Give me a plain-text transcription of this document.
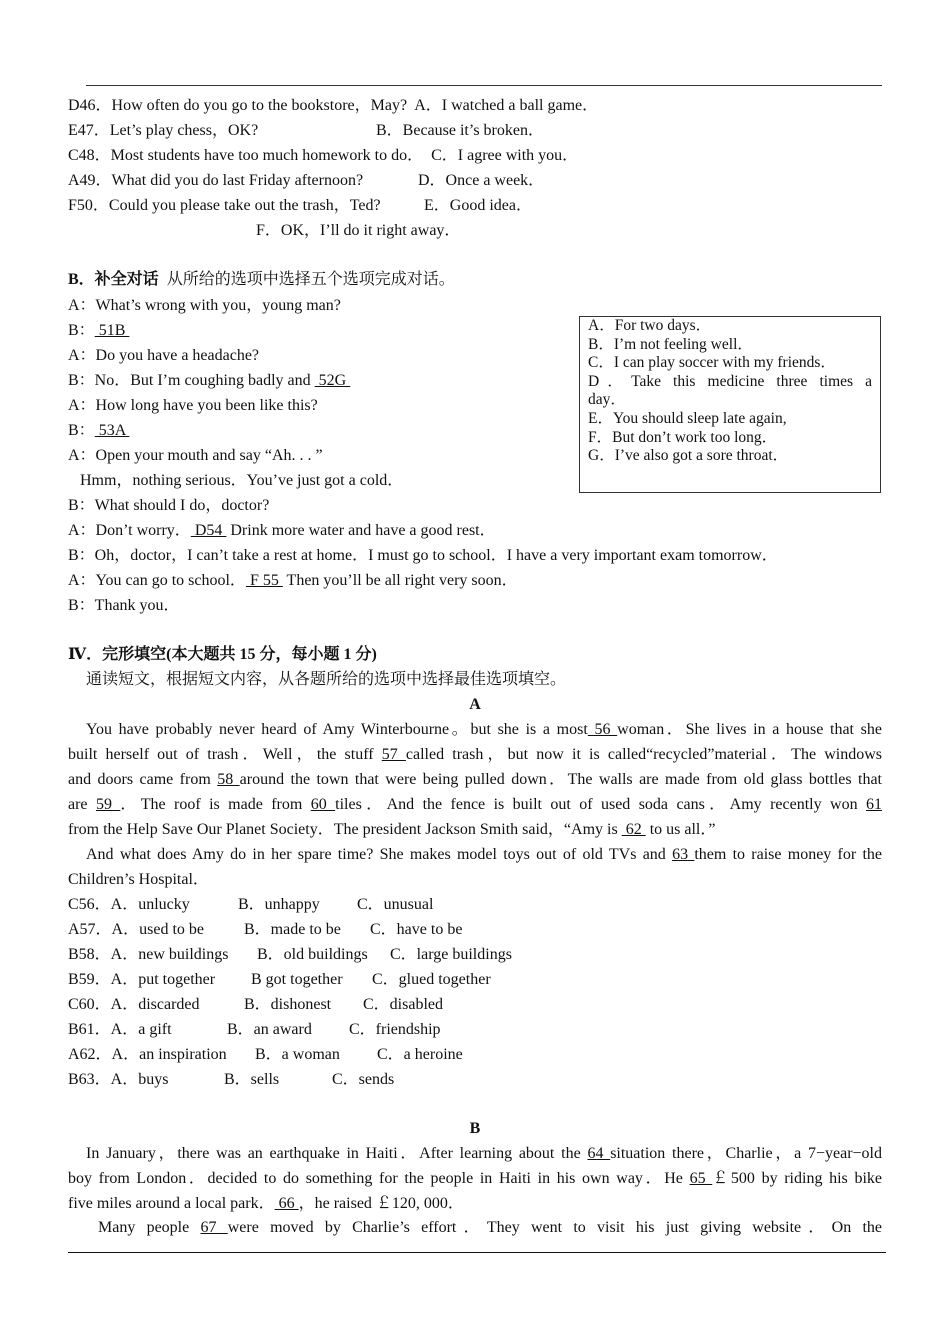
D46．How often do you go to the bookstore，May? A．I watched a ball game．
E47．Let’s play chess，OK?	B．Because it’s broken．
C48．Most students have too much homework to do． C．I agree with you．
A49．What did you do last Friday afternoon?	D．Once a week．
F50．Could you please take out the trash，Ted?	E．Good idea．
F．OK，I’ll do it right away．
B．补全对话 从所给的选项中选择五个选项完成对话。
A：What’s wrong with you，young man?
B： 51B
A：Do you have a headache?
B：No．But I’m coughing badly and  52G
A：How long have you been like this?
B： 53A
A：Open your mouth and say “Ah. . . ”
Hmm，nothing serious．You’ve just got a cold．
B：What should I do，doctor?
A：Don’t worry． D54  Drink more water and have a good rest．
B：Oh，doctor，I can’t take a rest at home．I must go to school．I have a very important exam tomorrow．
A：You can go to school． F 55  Then you’ll be all right very soon．
B：Thank you．
A．For two days．
B．I’m not feeling well．
C．I can play soccer with my friends．
D．Take this medicine three times a
day．
E．You should sleep late again,
F．But don’t work too long．
G．I’ve also got a sore throat．
Ⅳ．完形填空(本大题共 15 分，每小题 1 分)
通读短文，根据短文内容，从各题所给的选项中选择最佳选项填空。
A
You have probably never heard of Amy Winterbourne。but she is a most 56 woman．She lives in a house that she
built herself out of trash．Well，the stuff 57 called trash，but now it is called“recycled”material．The windows
and doors came from 58 around the town that were being pulled down．The walls are made from old glass bottles that
are 59 ．The roof is made from 60 tiles．And the fence is built out of used soda cans．Amy recently won 61
from the Help Save Our Planet Society．The president Jackson Smith said，“Amy is  62  to us all．”
And what does Amy do in her spare time? She makes model toys out of old TVs and 63 them to raise money for the
Children’s Hospital．
C56．A．unlucky	B．unhappy C．unusual
A57．A．used to be	B．made to be C．have to be
B58．A．new buildings B．old buildings C．large buildings
B59．A．put together B got together C．glued together
C60．A．discarded	B．dishonest C．disabled
B61．A．a gift	B．an award C．friendship
A62．A．an inspiration B．a woman C．a heroine
B63．A．buys	B．sells	C．sends
B
In January，there was an earthquake in Haiti．After learning about the 64 situation there，Charlie，a 7−year−old
boy from London．decided to do something for the people in Haiti in his own way．He 65 ￡500 by riding his bike
five miles around a local park． 66 ，he raised ￡120, 000．
Many people 67 were moved by Charlie’s effort．They went to visit his just giving website．On the
